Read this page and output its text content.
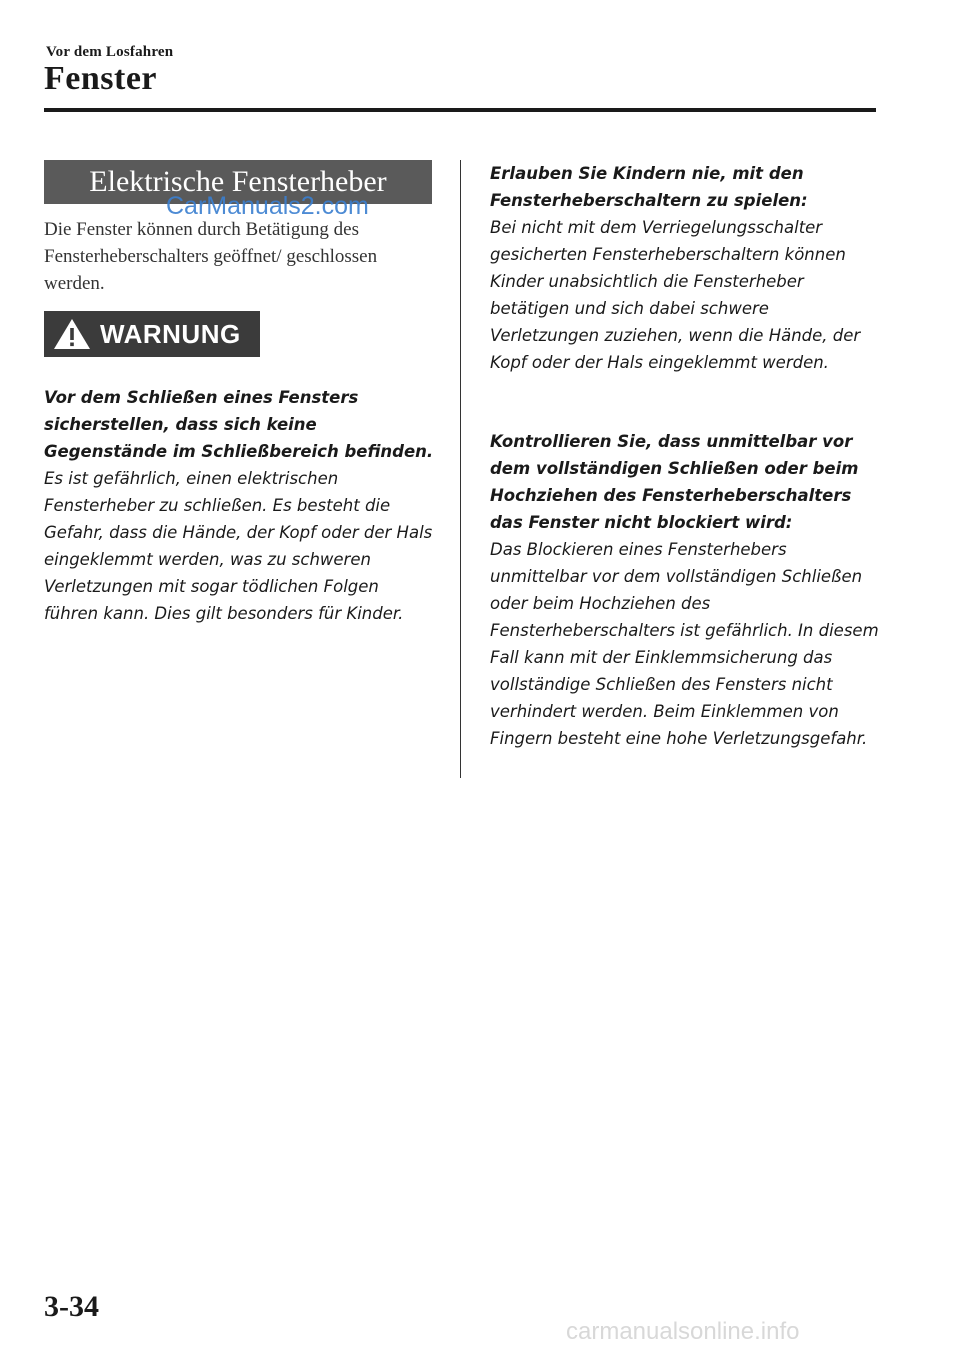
Vor dem Losfahren
Fenster
Elektrische Fensterheber
CarManuals2.com
Die Fenster können durch Betätigung des Fensterheberschalters geöffnet/ geschlossen werden.
WARNUNG
Vor dem Schließen eines Fensters sicherstellen, dass sich keine Gegenstände im Schließbereich befinden.
Es ist gefährlich, einen elektrischen Fensterheber zu schließen. Es besteht die Gefahr, dass die Hände, der Kopf oder der Hals eingeklemmt werden, was zu schweren Verletzungen mit sogar tödlichen Folgen führen kann. Dies gilt besonders für Kinder.
Erlauben Sie Kindern nie, mit den Fensterheberschaltern zu spielen:
Bei nicht mit dem Verriegelungsschalter gesicherten Fensterheberschaltern können Kinder unabsichtlich die Fensterheber betätigen und sich dabei schwere Verletzungen zuziehen, wenn die Hände, der Kopf oder der Hals eingeklemmt werden.
Kontrollieren Sie, dass unmittelbar vor dem vollständigen Schließen oder beim Hochziehen des Fensterheberschalters das Fenster nicht blockiert wird:
Das Blockieren eines Fensterhebers unmittelbar vor dem vollständigen Schließen oder beim Hochziehen des Fensterheberschalters ist gefährlich. In diesem Fall kann mit der Einklemmsicherung das vollständige Schließen des Fensters nicht verhindert werden. Beim Einklemmen von Fingern besteht eine hohe Verletzungsgefahr.
3-34
carmanualsonline.info
